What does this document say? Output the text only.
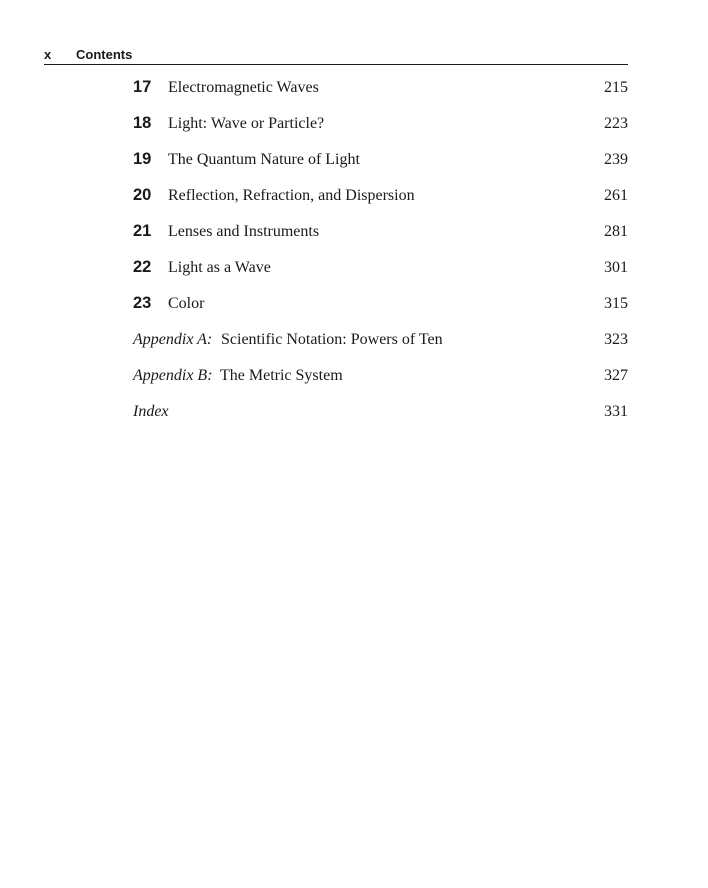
x Contents
17 Electromagnetic Waves	215
18 Light: Wave or Particle?	223
19 The Quantum Nature of Light	239
20 Reflection, Refraction, and Dispersion	261
21 Lenses and Instruments	281
22 Light as a Wave	301
23 Color	315
Appendix A: Scientific Notation: Powers of Ten	323
Appendix B: The Metric System	327
Index	331
